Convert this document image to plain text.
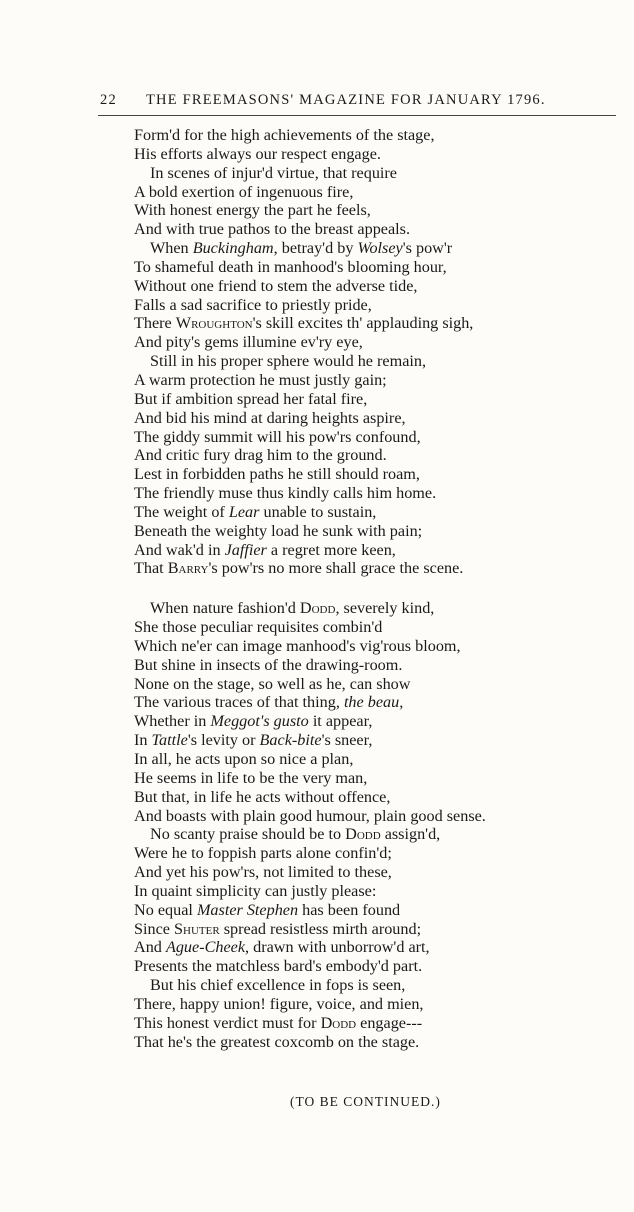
22 THE FREEMASONS' MAGAZINE FOR JANUARY 1796.
Form'd for the high achievements of the stage,
His efforts always our respect engage.
In scenes of injur'd virtue, that require
A bold exertion of ingenuous fire,
With honest energy the part he feels,
And with true pathos to the breast appeals.
When Buckingham, betray'd by Wolsey's pow'r
To shameful death in manhood's blooming hour,
Without one friend to stem the adverse tide,
Falls a sad sacrifice to priestly pride,
There Wroughton's skill excites th' applauding sigh,
And pity's gems illumine ev'ry eye,
Still in his proper sphere would he remain,
A warm protection he must justly gain;
But if ambition spread her fatal fire,
And bid his mind at daring heights aspire,
The giddy summit will his pow'rs confound,
And critic fury drag him to the ground.
Lest in forbidden paths he still should roam,
The friendly muse thus kindly calls him home.
The weight of Lear unable to sustain,
Beneath the weighty load he sunk with pain;
And wak'd in Jaffier a regret more keen,
That Barry's pow'rs no more shall grace the scene.
When nature fashion'd Dodd, severely kind,
She those peculiar requisites combin'd
Which ne'er can image manhood's vig'rous bloom,
But shine in insects of the drawing-room.
None on the stage, so well as he, can show
The various traces of that thing, the beau,
Whether in Meggot's gusto it appear,
In Tattle's levity or Back-bite's sneer,
In all, he acts upon so nice a plan,
He seems in life to be the very man,
But that, in life he acts without offence,
And boasts with plain good humour, plain good sense.
No scanty praise should be to Dodd assign'd,
Were he to foppish parts alone confin'd;
And yet his pow'rs, not limited to these,
In quaint simplicity can justly please:
No equal Master Stephen has been found
Since Shuter spread resistless mirth around;
And Ague-Cheek, drawn with unborrow'd art,
Presents the matchless bard's embody'd part.
But his chief excellence in fops is seen,
There, happy union! figure, voice, and mien,
This honest verdict must for Dodd engage---
That he's the greatest coxcomb on the stage.
(TO BE CONTINUED.)
